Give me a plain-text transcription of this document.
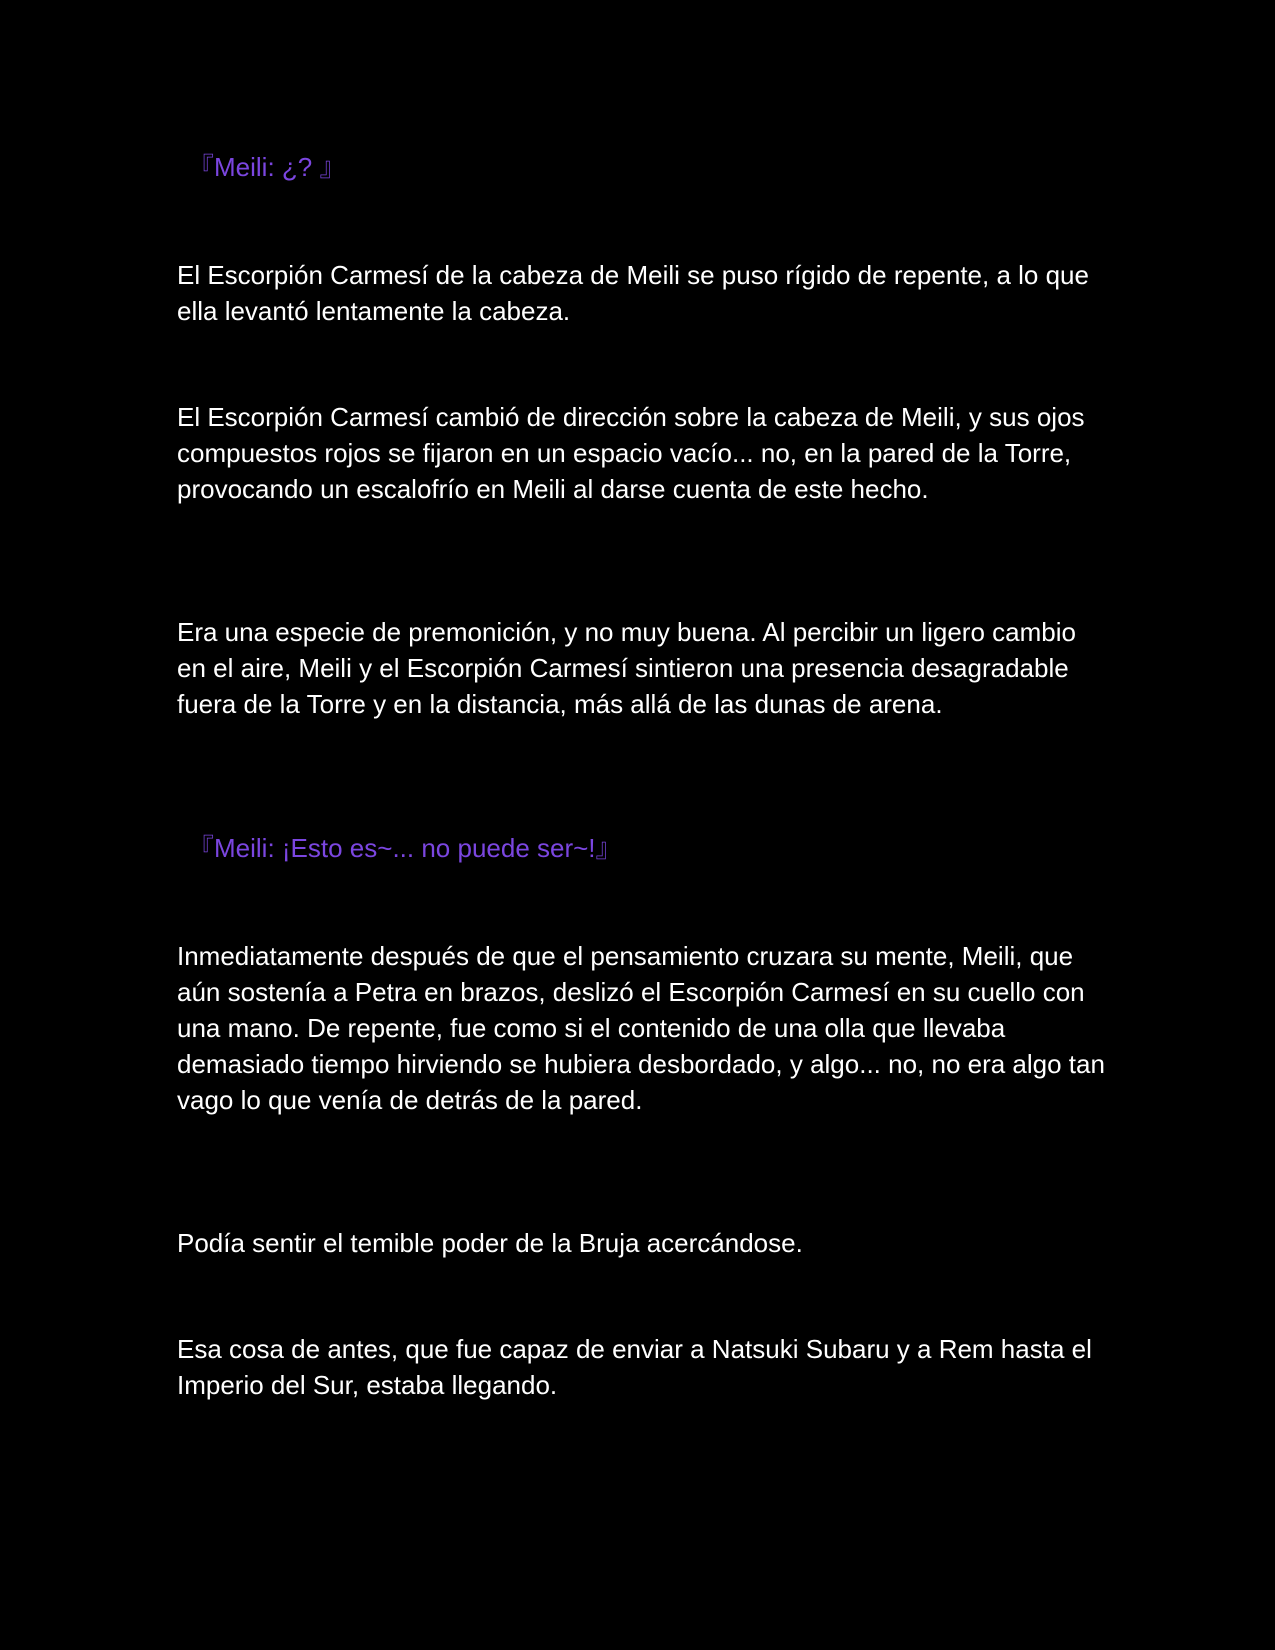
『Meili: ¿? 』

El Escorpión Carmesí de la cabeza de Meili se puso rígido de repente, a lo que ella levantó lentamente la cabeza.

El Escorpión Carmesí cambió de dirección sobre la cabeza de Meili, y sus ojos compuestos rojos se fijaron en un espacio vacío... no, en la pared de la Torre, provocando un escalofrío en Meili al darse cuenta de este hecho.

Era una especie de premonición, y no muy buena. Al percibir un ligero cambio en el aire, Meili y el Escorpión Carmesí sintieron una presencia desagradable fuera de la Torre y en la distancia, más allá de las dunas de arena.

『Meili: ¡Esto es~... no puede ser~!』

Inmediatamente después de que el pensamiento cruzara su mente, Meili, que aún sostenía a Petra en brazos, deslizó el Escorpión Carmesí en su cuello con una mano. De repente, fue como si el contenido de una olla que llevaba demasiado tiempo hirviendo se hubiera desbordado, y algo... no, no era algo tan vago lo que venía de detrás de la pared.

Podía sentir el temible poder de la Bruja acercándose.

Esa cosa de antes, que fue capaz de enviar a Natsuki Subaru y a Rem hasta el Imperio del Sur, estaba llegando.
